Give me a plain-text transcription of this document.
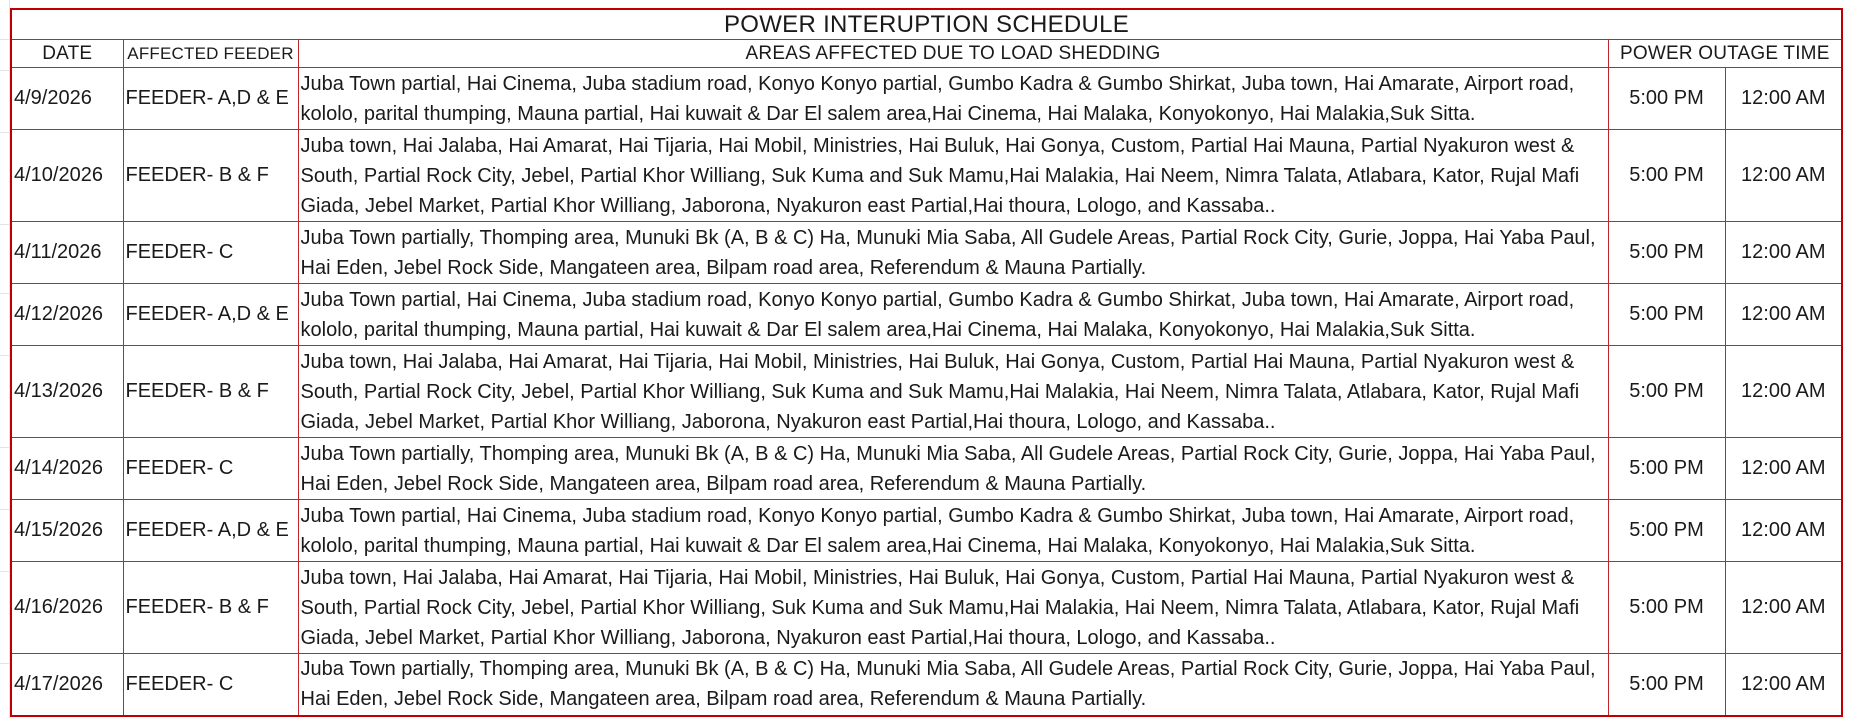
POWER INTERUPTION SCHEDULE				
DATE	AFFECTED FEEDER	AREAS AFFECTED DUE TO LOAD SHEDDING	POWER OUTAGE TIME	
4/9/2026	FEEDER- A,D & E	Juba Town partial, Hai Cinema, Juba stadium road, Konyo Konyo partial, Gumbo Kadra & Gumbo Shirkat, Juba town, Hai Amarate, Airport road, kololo, parital thumping, Mauna partial, Hai kuwait & Dar El salem area,Hai Cinema, Hai Malaka, Konyokonyo, Hai Malakia,Suk Sitta.	5:00 PM	12:00 AM
4/10/2026	FEEDER- B & F	Juba town, Hai Jalaba, Hai Amarat, Hai Tijaria, Hai Mobil, Ministries, Hai Buluk, Hai Gonya, Custom, Partial Hai Mauna, Partial Nyakuron west & South, Partial Rock City, Jebel, Partial Khor Williang, Suk Kuma and Suk Mamu,Hai Malakia, Hai Neem, Nimra Talata, Atlabara, Kator, Rujal Mafi Giada, Jebel Market, Partial Khor Williang, Jaborona, Nyakuron east Partial,Hai thoura, Lologo, and Kassaba..	5:00 PM	12:00 AM
4/11/2026	FEEDER- C	Juba Town partially, Thomping area, Munuki Bk (A, B & C) Ha, Munuki Mia Saba, All Gudele Areas, Partial Rock City, Gurie, Joppa, Hai Yaba Paul, Hai Eden, Jebel Rock Side, Mangateen area, Bilpam road area, Referendum & Mauna Partially.	5:00 PM	12:00 AM
4/12/2026	FEEDER- A,D & E	Juba Town partial, Hai Cinema, Juba stadium road, Konyo Konyo partial, Gumbo Kadra & Gumbo Shirkat, Juba town, Hai Amarate, Airport road, kololo, parital thumping, Mauna partial, Hai kuwait & Dar El salem area,Hai Cinema, Hai Malaka, Konyokonyo, Hai Malakia,Suk Sitta.	5:00 PM	12:00 AM
4/13/2026	FEEDER- B & F	Juba town, Hai Jalaba, Hai Amarat, Hai Tijaria, Hai Mobil, Ministries, Hai Buluk, Hai Gonya, Custom, Partial Hai Mauna, Partial Nyakuron west & South, Partial Rock City, Jebel, Partial Khor Williang, Suk Kuma and Suk Mamu,Hai Malakia, Hai Neem, Nimra Talata, Atlabara, Kator, Rujal Mafi Giada, Jebel Market, Partial Khor Williang, Jaborona, Nyakuron east Partial,Hai thoura, Lologo, and Kassaba..	5:00 PM	12:00 AM
4/14/2026	FEEDER- C	Juba Town partially, Thomping area, Munuki Bk (A, B & C) Ha, Munuki Mia Saba, All Gudele Areas, Partial Rock City, Gurie, Joppa, Hai Yaba Paul, Hai Eden, Jebel Rock Side, Mangateen area, Bilpam road area, Referendum & Mauna Partially.	5:00 PM	12:00 AM
4/15/2026	FEEDER- A,D & E	Juba Town partial, Hai Cinema, Juba stadium road, Konyo Konyo partial, Gumbo Kadra & Gumbo Shirkat, Juba town, Hai Amarate, Airport road, kololo, parital thumping, Mauna partial, Hai kuwait & Dar El salem area,Hai Cinema, Hai Malaka, Konyokonyo, Hai Malakia,Suk Sitta.	5:00 PM	12:00 AM
4/16/2026	FEEDER- B & F	Juba town, Hai Jalaba, Hai Amarat, Hai Tijaria, Hai Mobil, Ministries, Hai Buluk, Hai Gonya, Custom, Partial Hai Mauna, Partial Nyakuron west & South, Partial Rock City, Jebel, Partial Khor Williang, Suk Kuma and Suk Mamu,Hai Malakia, Hai Neem, Nimra Talata, Atlabara, Kator, Rujal Mafi Giada, Jebel Market, Partial Khor Williang, Jaborona, Nyakuron east Partial,Hai thoura, Lologo, and Kassaba..	5:00 PM	12:00 AM
4/17/2026	FEEDER- C	Juba Town partially, Thomping area, Munuki Bk (A, B & C) Ha, Munuki Mia Saba, All Gudele Areas, Partial Rock City, Gurie, Joppa, Hai Yaba Paul, Hai Eden, Jebel Rock Side, Mangateen area, Bilpam road area, Referendum & Mauna Partially.	5:00 PM	12:00 AM
